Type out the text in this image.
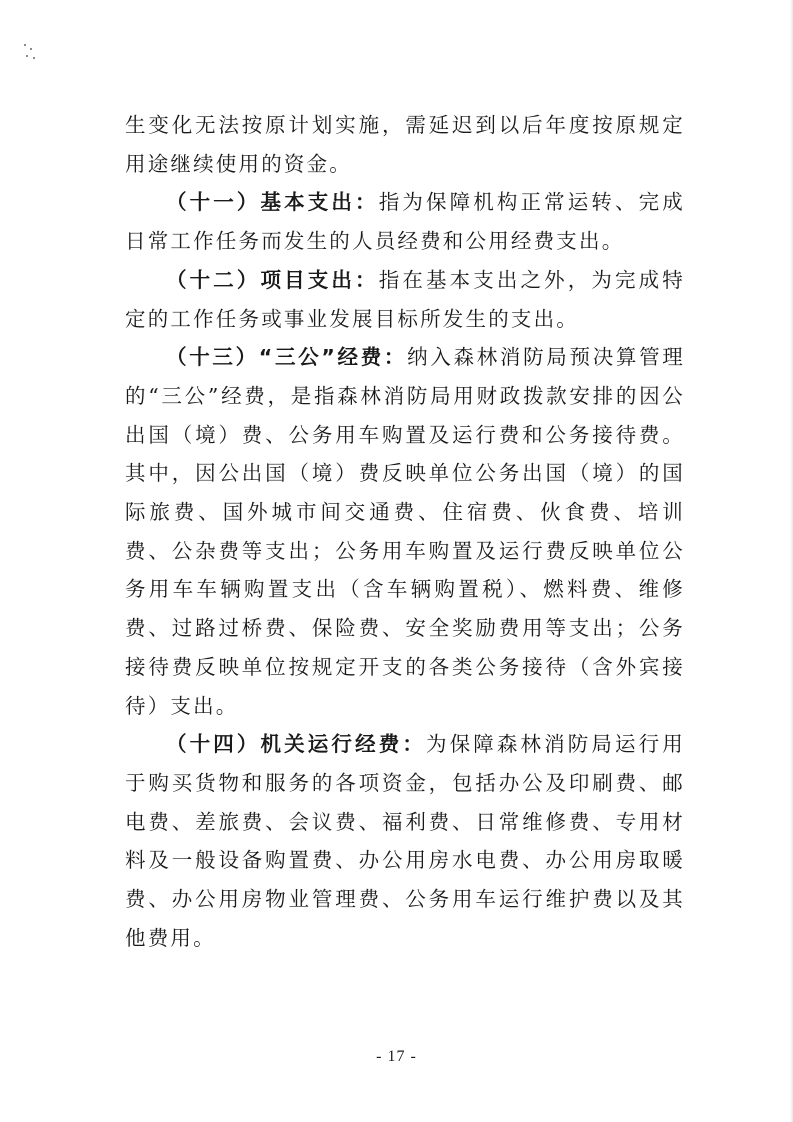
生变化无法按原计划实施，需延迟到以后年度按原规定用途继续使用的资金。

（十一）基本支出：指为保障机构正常运转、完成日常工作任务而发生的人员经费和公用经费支出。

（十二）项目支出：指在基本支出之外，为完成特定的工作任务或事业发展目标所发生的支出。

（十三）“三公”经费：纳入森林消防局预决算管理的“三公”经费，是指森林消防局用财政拨款安排的因公出国（境）费、公务用车购置及运行费和公务接待费。其中，因公出国（境）费反映单位公务出国（境）的国际旅费、国外城市间交通费、住宿费、伙食费、培训费、公杂费等支出；公务用车购置及运行费反映单位公务用车车辆购置支出（含车辆购置税）、燃料费、维修费、过路过桥费、保险费、安全奖励费用等支出；公务接待费反映单位按规定开支的各类公务接待（含外宾接待）支出。

（十四）机关运行经费：为保障森林消防局运行用于购买货物和服务的各项资金，包括办公及印刷费、邮电费、差旅费、会议费、福利费、日常维修费、专用材料及一般设备购置费、办公用房水电费、办公用房取暖费、办公用房物业管理费、公务用车运行维护费以及其他费用。

- 17 -
